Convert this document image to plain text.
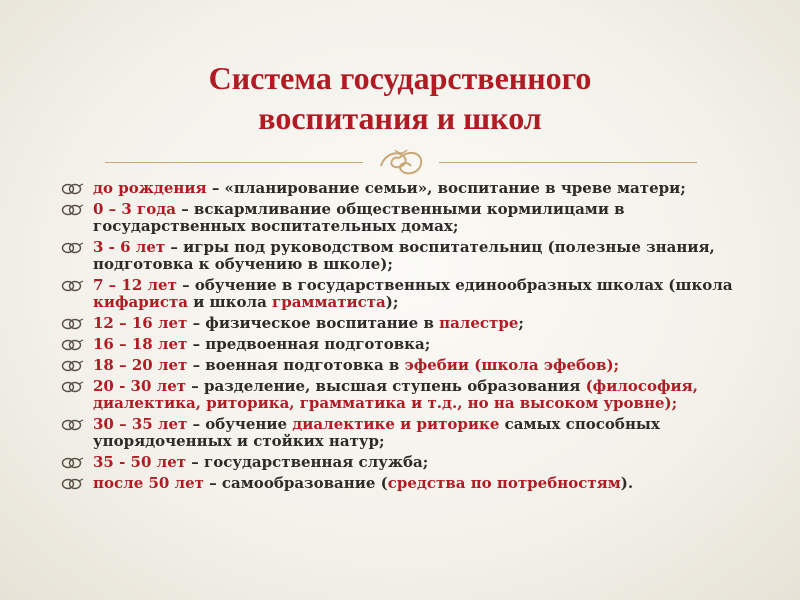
Система государственного
воспитания и школ
до рождения – «планирование семьи», воспитание в чреве матери;
0 – 3 года – вскармливание общественными кормилицами в государственных воспитательных домах;
3 - 6 лет – игры под руководством воспитательниц (полезные знания, подготовка к обучению в школе);
7 – 12 лет – обучение в государственных единообразных школах (школа кифариста и школа грамматиста);
12 – 16 лет – физическое воспитание в палестре;
16 – 18 лет – предвоенная подготовка;
18 – 20 лет – военная подготовка в эфебии (школа эфебов);
20 - 30 лет – разделение, высшая ступень образования (философия, диалектика, риторика, грамматика и т.д., но на высоком уровне);
30 – 35 лет – обучение диалектике и риторике самых способных упорядоченных и стойких натур;
35 - 50 лет – государственная служба;
после 50 лет – самообразование (средства по потребностям).
